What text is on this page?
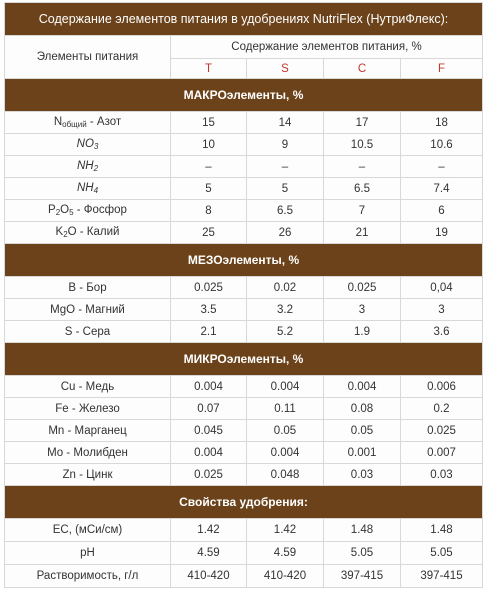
Содержание элементов питания в удобрениях NutriFlex (НутриФлекс):				
Элементы питания	Содержание элементов питания, %			
	T	S	C	F
МАКРОэлементы, %				
$N_{общий}$ - Азот	15	14	17	18
$NO_3$	10	9	10.5	10.6
$NH_2$	–	–	–	–
$NH_4$	5	5	6.5	7.4
$P_2O_5$ - Фосфор	8	6.5	7	6
$K_2O$ - Калий	25	26	21	19
МЕЗОэлементы, %				
B - Бор	0.025	0.02	0.025	0,04
MgO - Магний	3.5	3.2	3	3
S - Сера	2.1	5.2	1.9	3.6
МИКРОэлементы, %				
Cu - Медь	0.004	0.004	0.004	0.006
Fe - Железо	0.07	0.11	0.08	0.2
Mn - Марганец	0.045	0.05	0.05	0.025
Mo - Молибден	0.004	0.004	0.001	0.007
Zn - Цинк	0.025	0.048	0.03	0.03
Свойства удобрения:				
EC, (мСи/см)	1.42	1.42	1.48	1.48
pH	4.59	4.59	5.05	5.05
Растворимость, г/л	410-420	410-420	397-415	397-415
